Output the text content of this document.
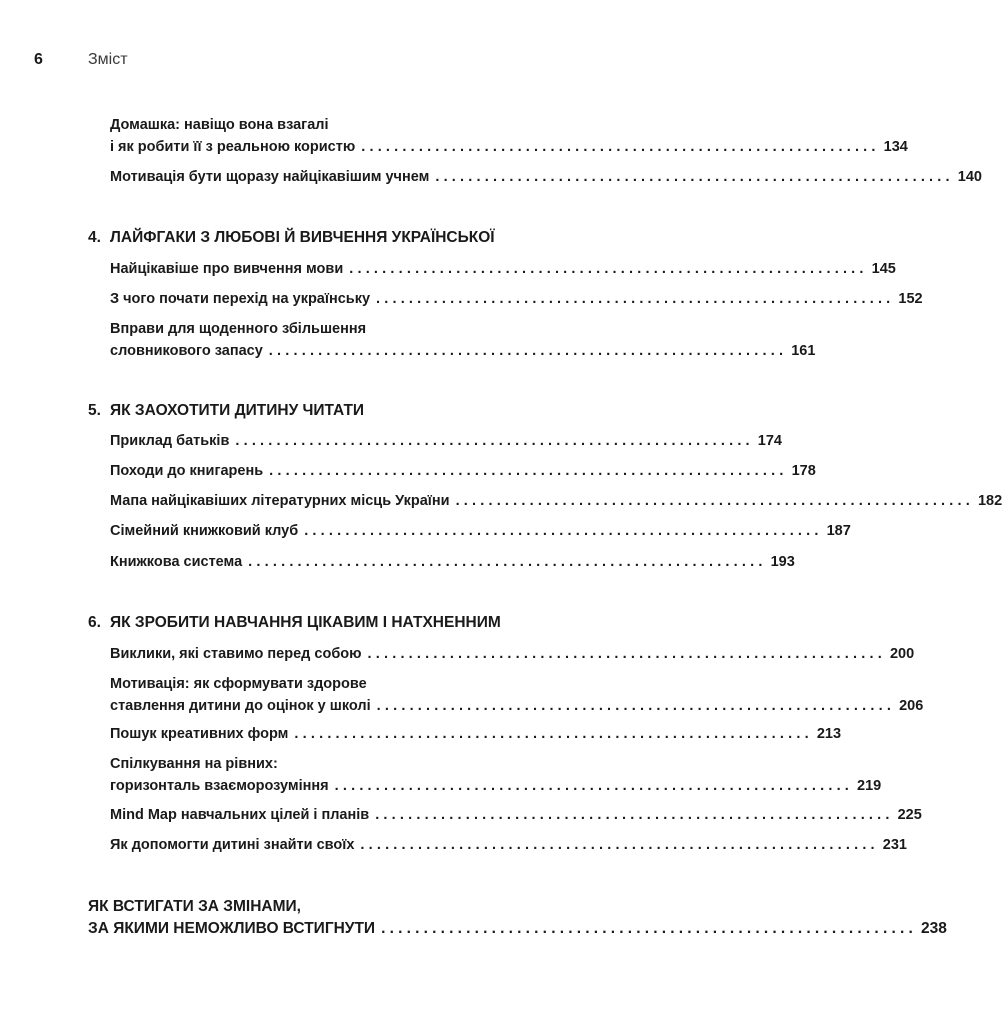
6	Зміст
Домашка: навіщо вона взагалі
і як робити її з реальною користю ............................................................... 134
Мотивація бути щоразу найцікавішим учнем ............................................................... 140
4. ЛАЙФГАКИ З ЛЮБОВІ Й ВИВЧЕННЯ УКРАЇНСЬКОЇ
Найцікавіше про вивчення мови ............................................................... 145
З чого почати перехід на українську ............................................................... 152
Вправи для щоденного збільшення
словникового запасу ............................................................... 161
5. ЯК ЗАОХОТИТИ ДИТИНУ ЧИТАТИ
Приклад батьків ............................................................... 174
Походи до книгарень ............................................................... 178
Мапа найцікавіших літературних місць України ............................................................... 182
Сімейний книжковий клуб ............................................................... 187
Книжкова система ............................................................... 193
6. ЯК ЗРОБИТИ НАВЧАННЯ ЦІКАВИМ І НАТХНЕННИМ
Виклики, які ставимо перед собою ............................................................... 200
Мотивація: як сформувати здорове
ставлення дитини до оцінок у школі ............................................................... 206
Пошук креативних форм ............................................................... 213
Спілкування на рівних:
горизонталь взаєморозуміння ............................................................... 219
Mind Map навчальних цілей і планів ............................................................... 225
Як допомогти дитині знайти своїх ............................................................... 231
ЯК ВСТИГАТИ ЗА ЗМІНАМИ,
ЗА ЯКИМИ НЕМОЖЛИВО ВСТИГНУТИ ............................................................... 238
